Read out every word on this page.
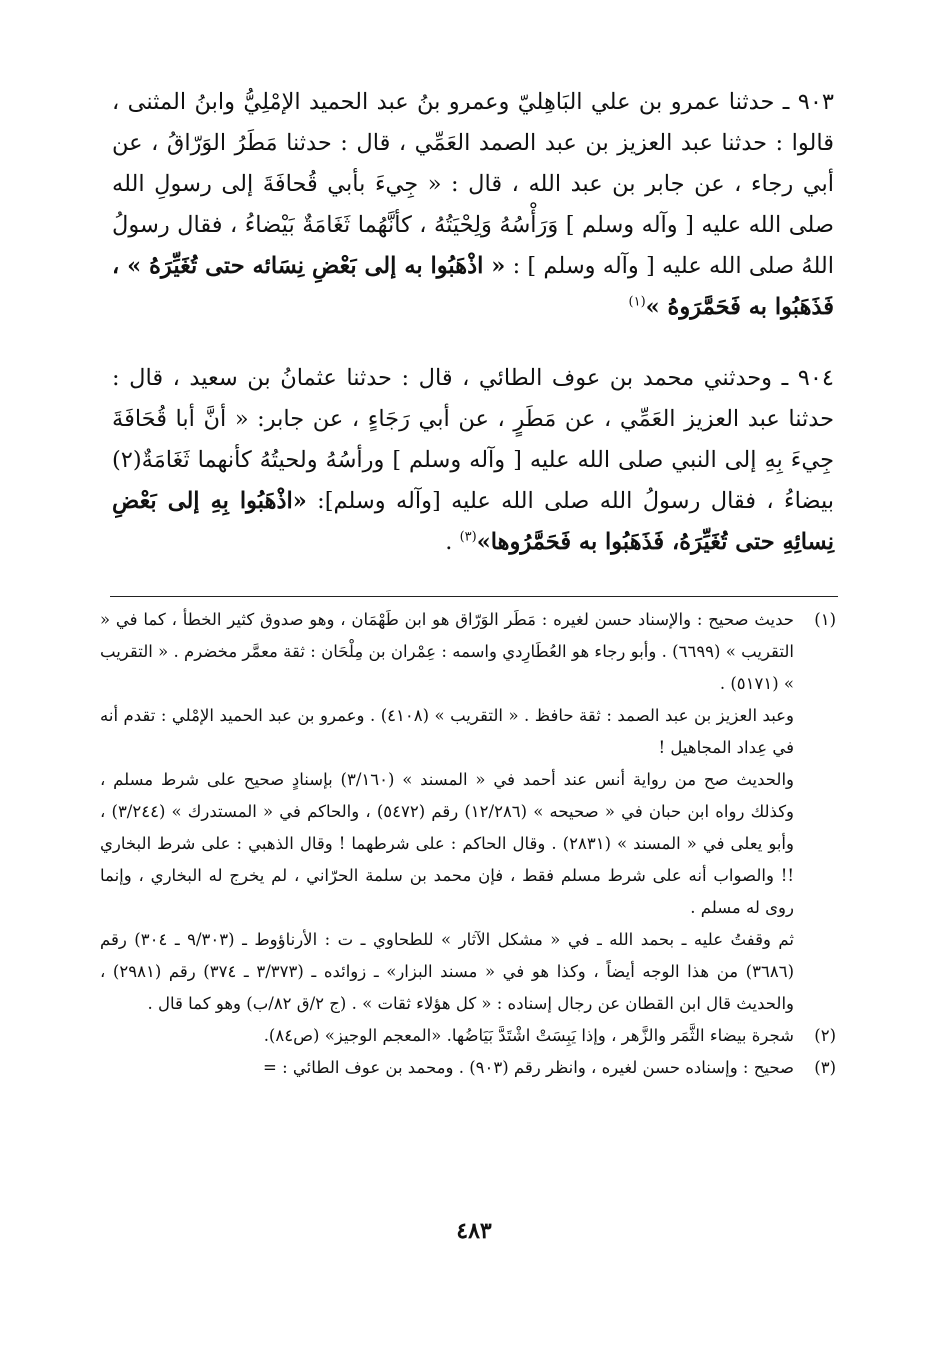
٩٠٣ ـ حدثنا عمرو بن علي البَاهِليّ وعمرو بنُ عبد الحميد الإمْلِيُّ وابنُ المثنى ، قالوا : حدثنا عبد العزيز بن عبد الصمد العَمِّي ، قال : حدثنا مَطَرُ الوَرّاقُ ، عن أبي رجاء ، عن جابر بن عبد الله ، قال : « جِيءَ بأبي قُحافَةَ إلى رسولِ الله صلى الله عليه [ وآله وسلم ] وَرَأْسُهُ وَلِحْيَتُهُ ، كأنَّهُما ثَغَامَةٌ بَيْضاءُ ، فقال رسولُ اللهُ صلى الله عليه [ وآله وسلم ] : « اذْهَبُوا به إلى بَعْضِ نِسَائه حتى تُغَيِّرَهُ » ، فَذَهَبُوا به فَحَمَّرَوهُ »$^{(١)}$

٩٠٤ ـ وحدثني محمد بن عوف الطائي ، قال : حدثنا عثمانُ بن سعيد ، قال : حدثنا عبد العزيز العَمِّي ، عن مَطَرٍ ، عن أبي رَجَاءٍ ، عن جابر: « أنَّ أبا قُحَافَةَ جِيءَ بِهِ إلى النبي صلى الله عليه [ وآله وسلم ] ورأسُهُ ولحيتُهُ كأنهما ثَغَامَةٌ(٢) بيضاءُ ، فقال رسولُ الله صلى الله عليه [وآله وسلم]: «اذْهَبُوا بِهِ إلى بَعْضِ نِسائِهِ حتى تُغَيِّرَهُ، فَذَهَبُوا به فَحَمَّرُوها»$^{(٣)}$ .

(١)

حديث صحيح : والإسناد حسن لغيره : مَطَر الوَرّاق هو ابن طَهْمَان ، وهو صدوق كثير الخطأ ، كما في « التقريب » (٦٦٩٩) . وأبو رجاء هو العُطَارِدي واسمه : عِمْران بن مِلْحَان : ثقة معمَّر مخضرم . « التقريب » (٥١٧١) .

وعبد العزيز بن عبد الصمد : ثقة حافظ . « التقريب » (٤١٠٨) . وعمرو بن عبد الحميد الإمْلي : تقدم أنه في عِداد المجاهيل !

والحديث صح من رواية أنس عند أحمد في « المسند » (٣/١٦٠) بإسنادٍ صحيح على شرط مسلم ، وكذلك رواه ابن حبان في « صحيحه » (١٢/٢٨٦) رقم (٥٤٧٢) ، والحاكم في « المستدرك » (٣/٢٤٤) ، وأبو يعلى في « المسند » (٢٨٣١) . وقال الحاكم : على شرطهما ! وقال الذهبي : على شرط البخاري !! والصواب أنه على شرط مسلم فقط ، فإن محمد بن سلمة الحرّاني ، لم يخرج له البخاري ، وإنما روى له مسلم .

ثم وقفتُ عليه ـ بحمد الله ـ في « مشكل الآثار » للطحاوي ـ ت : الأرناؤوط ـ (٩/٣٠٣ ـ ٣٠٤) رقم (٣٦٨٦) من هذا الوجه أيضاً ، وكذا هو في « مسند البزار» ـ زوائده ـ (٣/٣٧٣ ـ ٣٧٤) رقم (٢٩٨١) ، والحديث قال ابن القطان عن رجال إسناده : « كل هؤلاء ثقات » . (ج ٢/ق ٨٢/ب) وهو كما قال .

(٢)

شجرة بيضاء الثَّمَر والزَّهر ، وإذا يَبِسَتْ اشْتَدَّ بَيَاضُها. «المعجم الوجيز» (ص٨٤).

(٣)

صحيح : وإسناده حسن لغيره ، وانظر رقم (٩٠٣) . ومحمد بن عوف الطائي : =

٤٨٣
